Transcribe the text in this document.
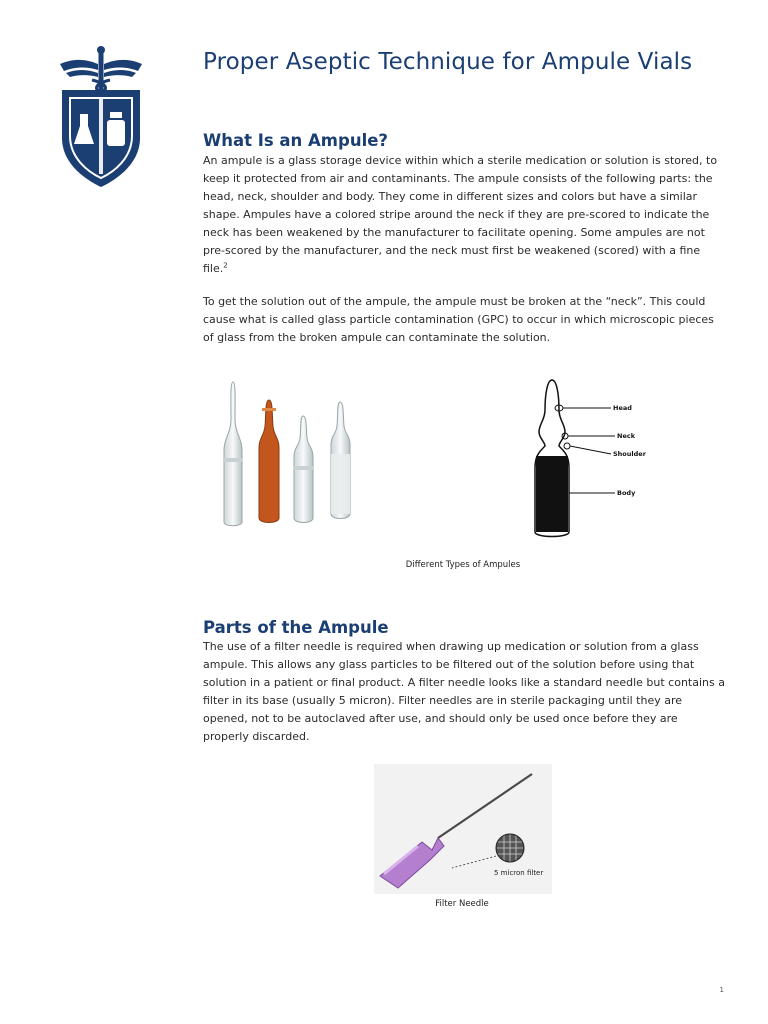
Proper Aseptic Technique for Ampule Vials
What Is an Ampule?

An ampule is a glass storage device within which a sterile medication or solution is stored, to keep it protected from air and contaminants. The ampule consists of the following parts: the head, neck, shoulder and body. They come in different sizes and colors but have a similar shape. Ampules have a colored stripe around the neck if they are pre-scored to indicate the neck has been weakened by the manufacturer to facilitate opening. Some ampules are not pre-scored by the manufacturer, and the neck must first be weakened (scored) with a fine file.$^2$

To get the solution out of the ampule, the ampule must be broken at the “neck”. This could cause what is called glass particle contamination (GPC) to occur in which microscopic pieces of glass from the broken ampule can contaminate the solution.

Head
Neck
Shoulder
Body

Different Types of Ampules

Parts of the Ampule

The use of a filter needle is required when drawing up medication or solution from a glass ampule. This allows any glass particles to be filtered out of the solution before using that solution in a patient or final product. A filter needle looks like a standard needle but contains a filter in its base (usually 5 micron). Filter needles are in sterile packaging until they are opened, not to be autoclaved after use, and should only be used once before they are properly discarded.

5 micron filter

Filter Needle

1
